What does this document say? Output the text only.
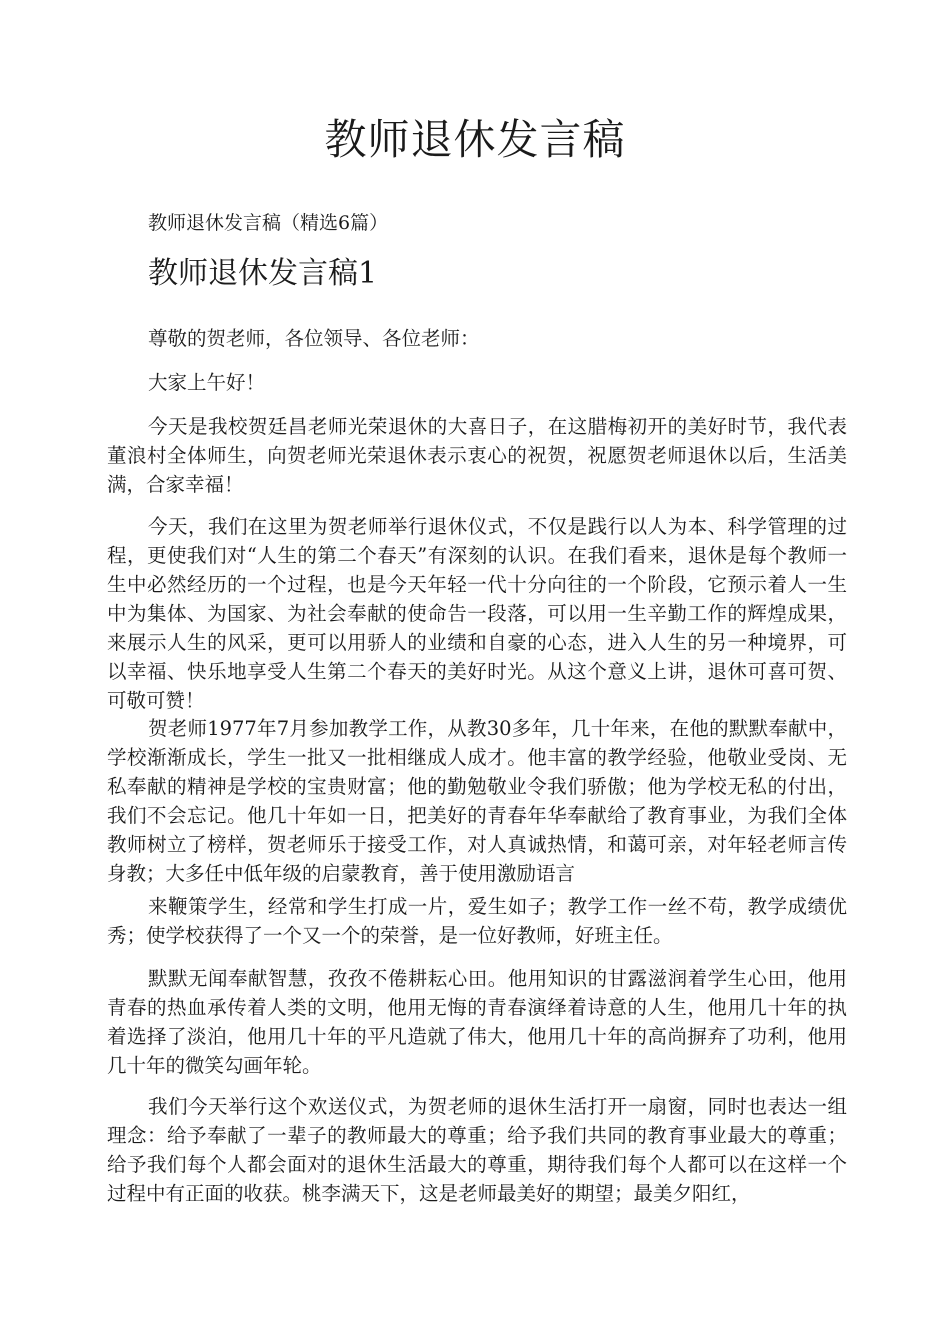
教师退休发言稿

教师退休发言稿（精选6篇）

教师退休发言稿1

尊敬的贺老师，各位领导、各位老师：

大家上午好！

今天是我校贺廷昌老师光荣退休的大喜日子，在这腊梅初开的美好时节，我代表董浪村全体师生，向贺老师光荣退休表示衷心的祝贺，祝愿贺老师退休以后，生活美满，合家幸福！

今天，我们在这里为贺老师举行退休仪式，不仅是践行以人为本、科学管理的过程，更使我们对“人生的第二个春天”有深刻的认识。在我们看来，退休是每个教师一生中必然经历的一个过程，也是今天年轻一代十分向往的一个阶段，它预示着人一生中为集体、为国家、为社会奉献的使命告一段落，可以用一生辛勤工作的辉煌成果，来展示人生的风采，更可以用骄人的业绩和自豪的心态，进入人生的另一种境界，可以幸福、快乐地享受人生第二个春天的美好时光。从这个意义上讲，退休可喜可贺、可敬可赞！

贺老师1977年7月参加教学工作，从教30多年，几十年来，在他的默默奉献中，学校渐渐成长，学生一批又一批相继成人成才。他丰富的教学经验，他敬业受岗、无私奉献的精神是学校的宝贵财富；他的勤勉敬业令我们骄傲；他为学校无私的付出，我们不会忘记。他几十年如一日，把美好的青春年华奉献给了教育事业，为我们全体教师树立了榜样，贺老师乐于接受工作，对人真诚热情，和蔼可亲，对年轻老师言传身教；大多任中低年级的启蒙教育，善于使用激励语言

来鞭策学生，经常和学生打成一片，爱生如子；教学工作一丝不苟，教学成绩优秀；使学校获得了一个又一个的荣誉，是一位好教师，好班主任。

默默无闻奉献智慧，孜孜不倦耕耘心田。他用知识的甘露滋润着学生心田，他用青春的热血承传着人类的文明，他用无悔的青春演绎着诗意的人生，他用几十年的执着选择了淡泊，他用几十年的平凡造就了伟大，他用几十年的高尚摒弃了功利，他用几十年的微笑勾画年轮。

我们今天举行这个欢送仪式，为贺老师的退休生活打开一扇窗，同时也表达一组理念：给予奉献了一辈子的教师最大的尊重；给予我们共同的教育事业最大的尊重；给予我们每个人都会面对的退休生活最大的尊重，期待我们每个人都可以在这样一个过程中有正面的收获。桃李满天下，这是老师最美好的期望；最美夕阳红，
